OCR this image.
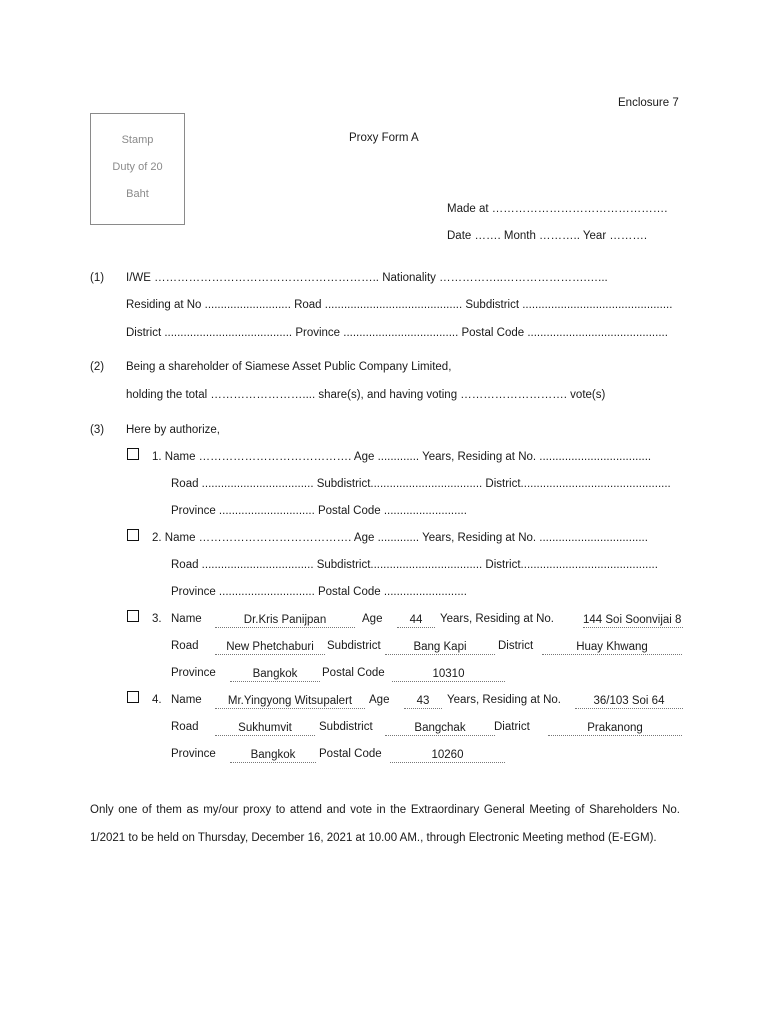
Enclosure 7
Proxy Form A
Stamp
Duty of 20
Baht
Made at ……………………………………….
Date ……. Month ……….. Year ……….
(1) I/WE ………………………………………………….. Nationality ……………..………………….…...
Residing at No ........................... Road ........................................... Subdistrict ...............................................
District ........................................ Province .................................... Postal Code ............................................
(2) Being a shareholder of Siamese Asset Public Company Limited,
holding the total …………………….... share(s), and having voting ………………………. vote(s)
(3) Here by authorize,
1. Name …………………………………. Age ............. Years, Residing at No. ...................................
Road ................................... Subdistrict................................... District...............................................
Province .............................. Postal Code ..........................
2. Name …………………………………. Age ............. Years, Residing at No. ..................................
Road ................................... Subdistrict................................... District...........................................
Province .............................. Postal Code ..........................
3. Name	Dr.Kris Panijpan	Age	44	Years, Residing at No.	144 Soi Soonvijai 8
Road	New Phetchaburi	Subdistrict	Bang Kapi	District	Huay Khwang
Province	Bangkok	Postal Code	10310
4. Name	Mr.Yingyong Witsupalert	Age	43	Years, Residing at No.	36/103 Soi 64
Road	Sukhumvit	Subdistrict	Bangchak	Diatrict	Prakanong
Province	Bangkok	Postal Code	10260
Only one of them as my/our proxy to attend and vote in the Extraordinary General Meeting of Shareholders No. 1/2021 to be held on Thursday, December 16, 2021 at 10.00 AM., through Electronic Meeting method (E-EGM).
